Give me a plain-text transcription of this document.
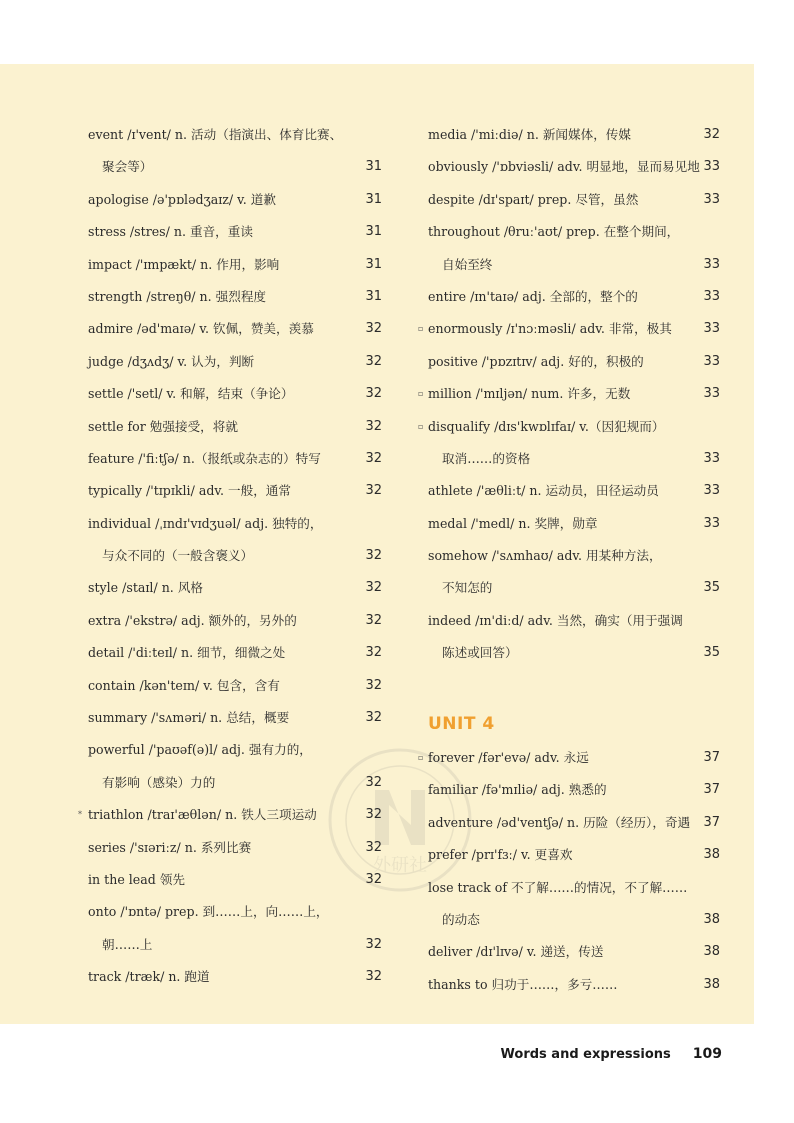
外研社
event /ɪ'vent/ n. 活动（指演出、体育比赛、
聚会等）	31
apologise /ə'pɒlədʒaɪz/ v. 道歉	31
stress /stres/ n. 重音，重读	31
impact /'ɪmpækt/ n. 作用，影响	31
strength /streŋθ/ n. 强烈程度	31
admire /əd'maɪə/ v. 钦佩，赞美，羡慕	32
judge /dʒʌdʒ/ v. 认为，判断	32
settle /'setl/ v. 和解，结束（争论）	32
settle for 勉强接受，将就	32
feature /'fiːtʃə/ n.（报纸或杂志的）特写	32
typically /'tɪpɪkli/ adv. 一般，通常	32
individual /ˌɪndɪ'vɪdʒuəl/ adj. 独特的，
与众不同的（一般含褒义）	32
style /staɪl/ n. 风格	32
extra /'ekstrə/ adj. 额外的，另外的	32
detail /'diːteɪl/ n. 细节，细微之处	32
contain /kən'teɪn/ v. 包含，含有	32
summary /'sʌməri/ n. 总结，概要	32
powerful /'paʊəf(ə)l/ adj. 强有力的，
有影响（感染）力的	32
* triathlon /traɪ'æθlən/ n. 铁人三项运动	32
series /'sɪəriːz/ n. 系列比赛	32
in the lead 领先	32
onto /'ɒntə/ prep. 到……上，向……上，
朝……上	32
track /træk/ n. 跑道	32
media /'miːdiə/ n. 新闻媒体，传媒	32
obviously /'ɒbviəsli/ adv. 明显地，显而易见地 33
despite /dɪ'spaɪt/ prep. 尽管，虽然	33
throughout /θruː'aʊt/ prep. 在整个期间，
自始至终	33
entire /ɪn'taɪə/ adj. 全部的，整个的	33
▫ enormously /ɪ'nɔːməsli/ adv. 非常，极其 33
positive /'pɒzɪtɪv/ adj. 好的，积极的	33
▫ million /'mɪljən/ num. 许多，无数	33
▫ disqualify /dɪs'kwɒlɪfaɪ/ v.（因犯规而）
取消……的资格	33
athlete /'æθliːt/ n. 运动员，田径运动员	33
medal /'medl/ n. 奖牌，勋章	33
somehow /'sʌmhaʊ/ adv. 用某种方法，
不知怎的	35
indeed /ɪn'diːd/ adv. 当然，确实（用于强调
陈述或回答）	35
UNIT 4
▫ forever /fər'evə/ adv. 永远	37
familiar /fə'mɪliə/ adj. 熟悉的	37
adventure /əd'ventʃə/ n. 历险（经历），奇遇 37
prefer /prɪ'fɜː/ v. 更喜欢	38
lose track of 不了解……的情况，不了解……
的动态	38
deliver /dɪ'lɪvə/ v. 递送，传送	38
thanks to 归功于……，多亏……	38
Words and expressions 109
